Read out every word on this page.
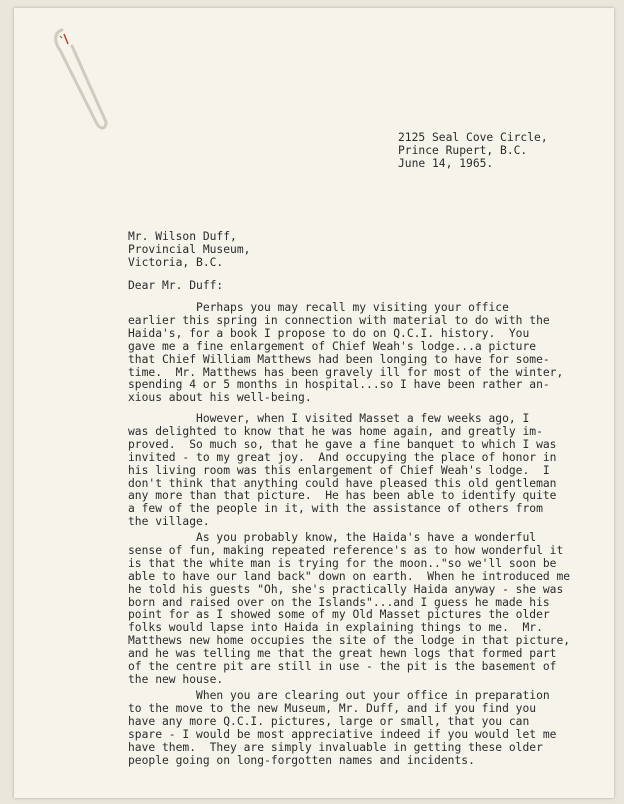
2125 Seal Cove Circle,
Prince Rupert, B.C.
June 14, 1965.
Mr. Wilson Duff,
Provincial Museum,
Victoria, B.C.
Dear Mr. Duff:
Perhaps you may recall my visiting your office
earlier this spring in connection with material to do with the
Haida's, for a book I propose to do on Q.C.I. history.  You
gave me a fine enlargement of Chief Weah's lodge...a picture
that Chief William Matthews had been longing to have for some-
time.  Mr. Matthews has been gravely ill for most of the winter,
spending 4 or 5 months in hospital...so I have been rather an-
xious about his well-being.
However, when I visited Masset a few weeks ago, I
was delighted to know that he was home again, and greatly im-
proved.  So much so, that he gave a fine banquet to which I was
invited - to my great joy.  And occupying the place of honor in
his living room was this enlargement of Chief Weah's lodge.  I
don't think that anything could have pleased this old gentleman
any more than that picture.  He has been able to identify quite
a few of the people in it, with the assistance of others from
the village.
As you probably know, the Haida's have a wonderful
sense of fun, making repeated reference's as to how wonderful it
is that the white man is trying for the moon.."so we'll soon be
able to have our land back" down on earth.  When he introduced me
he told his guests "Oh, she's practically Haida anyway - she was
born and raised over on the Islands"...and I guess he made his
point for as I showed some of my Old Masset pictures the older
folks would lapse into Haida in explaining things to me.  Mr.
Matthews new home occupies the site of the lodge in that picture,
and he was telling me that the great hewn logs that formed part
of the centre pit are still in use - the pit is the basement of
the new house.
When you are clearing out your office in preparation
to the move to the new Museum, Mr. Duff, and if you find you
have any more Q.C.I. pictures, large or small, that you can
spare - I would be most appreciative indeed if you would let me
have them.  They are simply invaluable in getting these older
people going on long-forgotten names and incidents.
